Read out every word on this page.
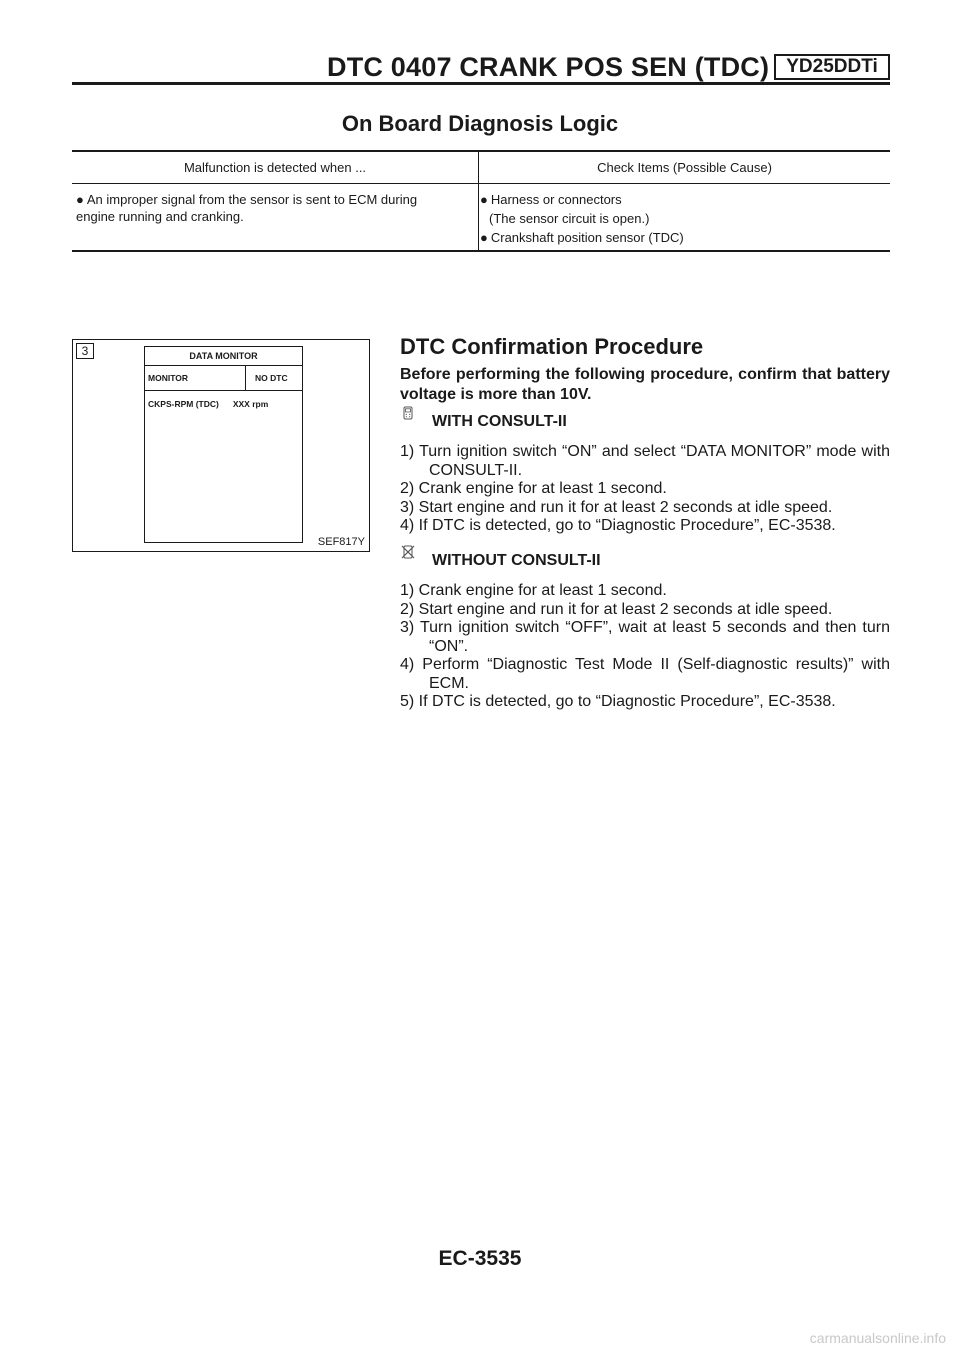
DTC 0407 CRANK POS SEN (TDC) YD25DDTi
On Board Diagnosis Logic
Malfunction is detected when ...	Check Items (Possible Cause)
● An improper signal from the sensor is sent to ECM during
engine running and cranking.
● Harness or connectors
(The sensor circuit is open.)
● Crankshaft position sensor (TDC)
3	DATA MONITOR
MONITOR	NO DTC
CKPS-RPM (TDC) XXX rpm
SEF817Y
DTC Confirmation Procedure
Before performing the following procedure, confirm that battery voltage is more than 10V.
WITH CONSULT-II
1) Turn ignition switch “ON” and select “DATA MONITOR” mode with CONSULT-II.
2) Crank engine for at least 1 second.
3) Start engine and run it for at least 2 seconds at idle speed.
4) If DTC is detected, go to “Diagnostic Procedure”, EC-3538.
WITHOUT CONSULT-II
1) Crank engine for at least 1 second.
2) Start engine and run it for at least 2 seconds at idle speed.
3) Turn ignition switch “OFF”, wait at least 5 seconds and then turn “ON”.
4) Perform “Diagnostic Test Mode II (Self-diagnostic results)” with ECM.
5) If DTC is detected, go to “Diagnostic Procedure”, EC-3538.
EC-3535
carmanualsonline.info
